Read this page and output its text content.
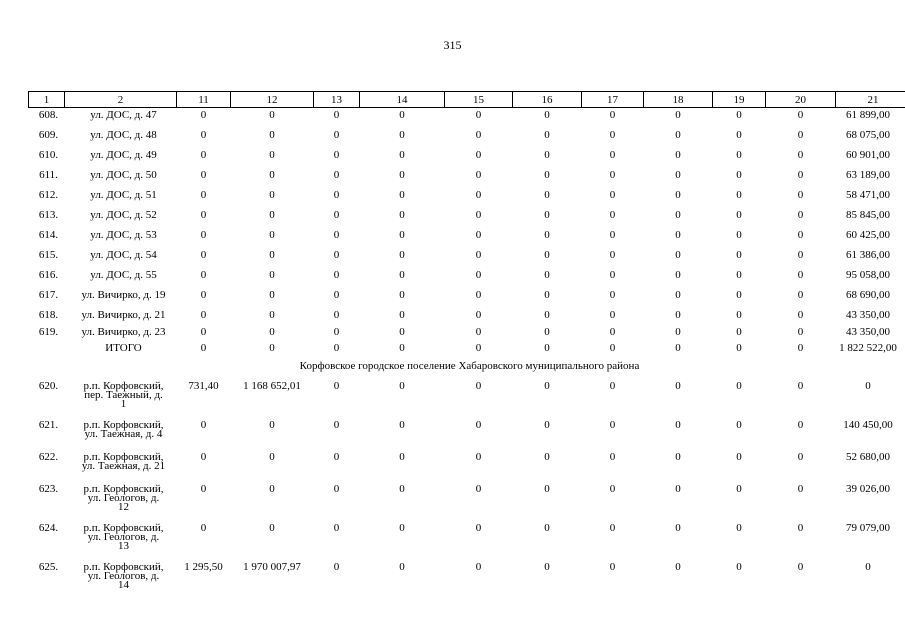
315
1	2	11	12	13	14	15	16	17	18	19	20	21
608.	ул. ДОС, д. 47	0	0	0	0	0	0	0	0	0	0	61 899,00
609.	ул. ДОС, д. 48	0	0	0	0	0	0	0	0	0	0	68 075,00
610.	ул. ДОС, д. 49	0	0	0	0	0	0	0	0	0	0	60 901,00
611.	ул. ДОС, д. 50	0	0	0	0	0	0	0	0	0	0	63 189,00
612.	ул. ДОС, д. 51	0	0	0	0	0	0	0	0	0	0	58 471,00
613.	ул. ДОС, д. 52	0	0	0	0	0	0	0	0	0	0	85 845,00
614.	ул. ДОС, д. 53	0	0	0	0	0	0	0	0	0	0	60 425,00
615.	ул. ДОС, д. 54	0	0	0	0	0	0	0	0	0	0	61 386,00
616.	ул. ДОС, д. 55	0	0	0	0	0	0	0	0	0	0	95 058,00
617.	ул. Вичирко, д. 19	0	0	0	0	0	0	0	0	0	0	68 690,00
618.	ул. Вичирко, д. 21	0	0	0	0	0	0	0	0	0	0	43 350,00
619.	ул. Вичирко, д. 23	0	0	0	0	0	0	0	0	0	0	43 350,00
	ИТОГО	0	0	0	0	0	0	0	0	0	0	1 822 522,00
Корфовское городское поселение Хабаровского муниципального района												
620.	р.п. Корфовский,
пер. Таежный, д.
1	731,40	1 168 652,01	0	0	0	0	0	0	0	0	0
621.	р.п. Корфовский,
ул. Таежная, д. 4	0	0	0	0	0	0	0	0	0	0	140 450,00
622.	р.п. Корфовский,
ул. Таежная, д. 21	0	0	0	0	0	0	0	0	0	0	52 680,00
623.	р.п. Корфовский,
ул. Геологов, д.
12	0	0	0	0	0	0	0	0	0	0	39 026,00
624.	р.п. Корфовский,
ул. Геологов, д.
13	0	0	0	0	0	0	0	0	0	0	79 079,00
625.	р.п. Корфовский,
ул. Геологов, д.
14	1 295,50	1 970 007,97	0	0	0	0	0	0	0	0	0
